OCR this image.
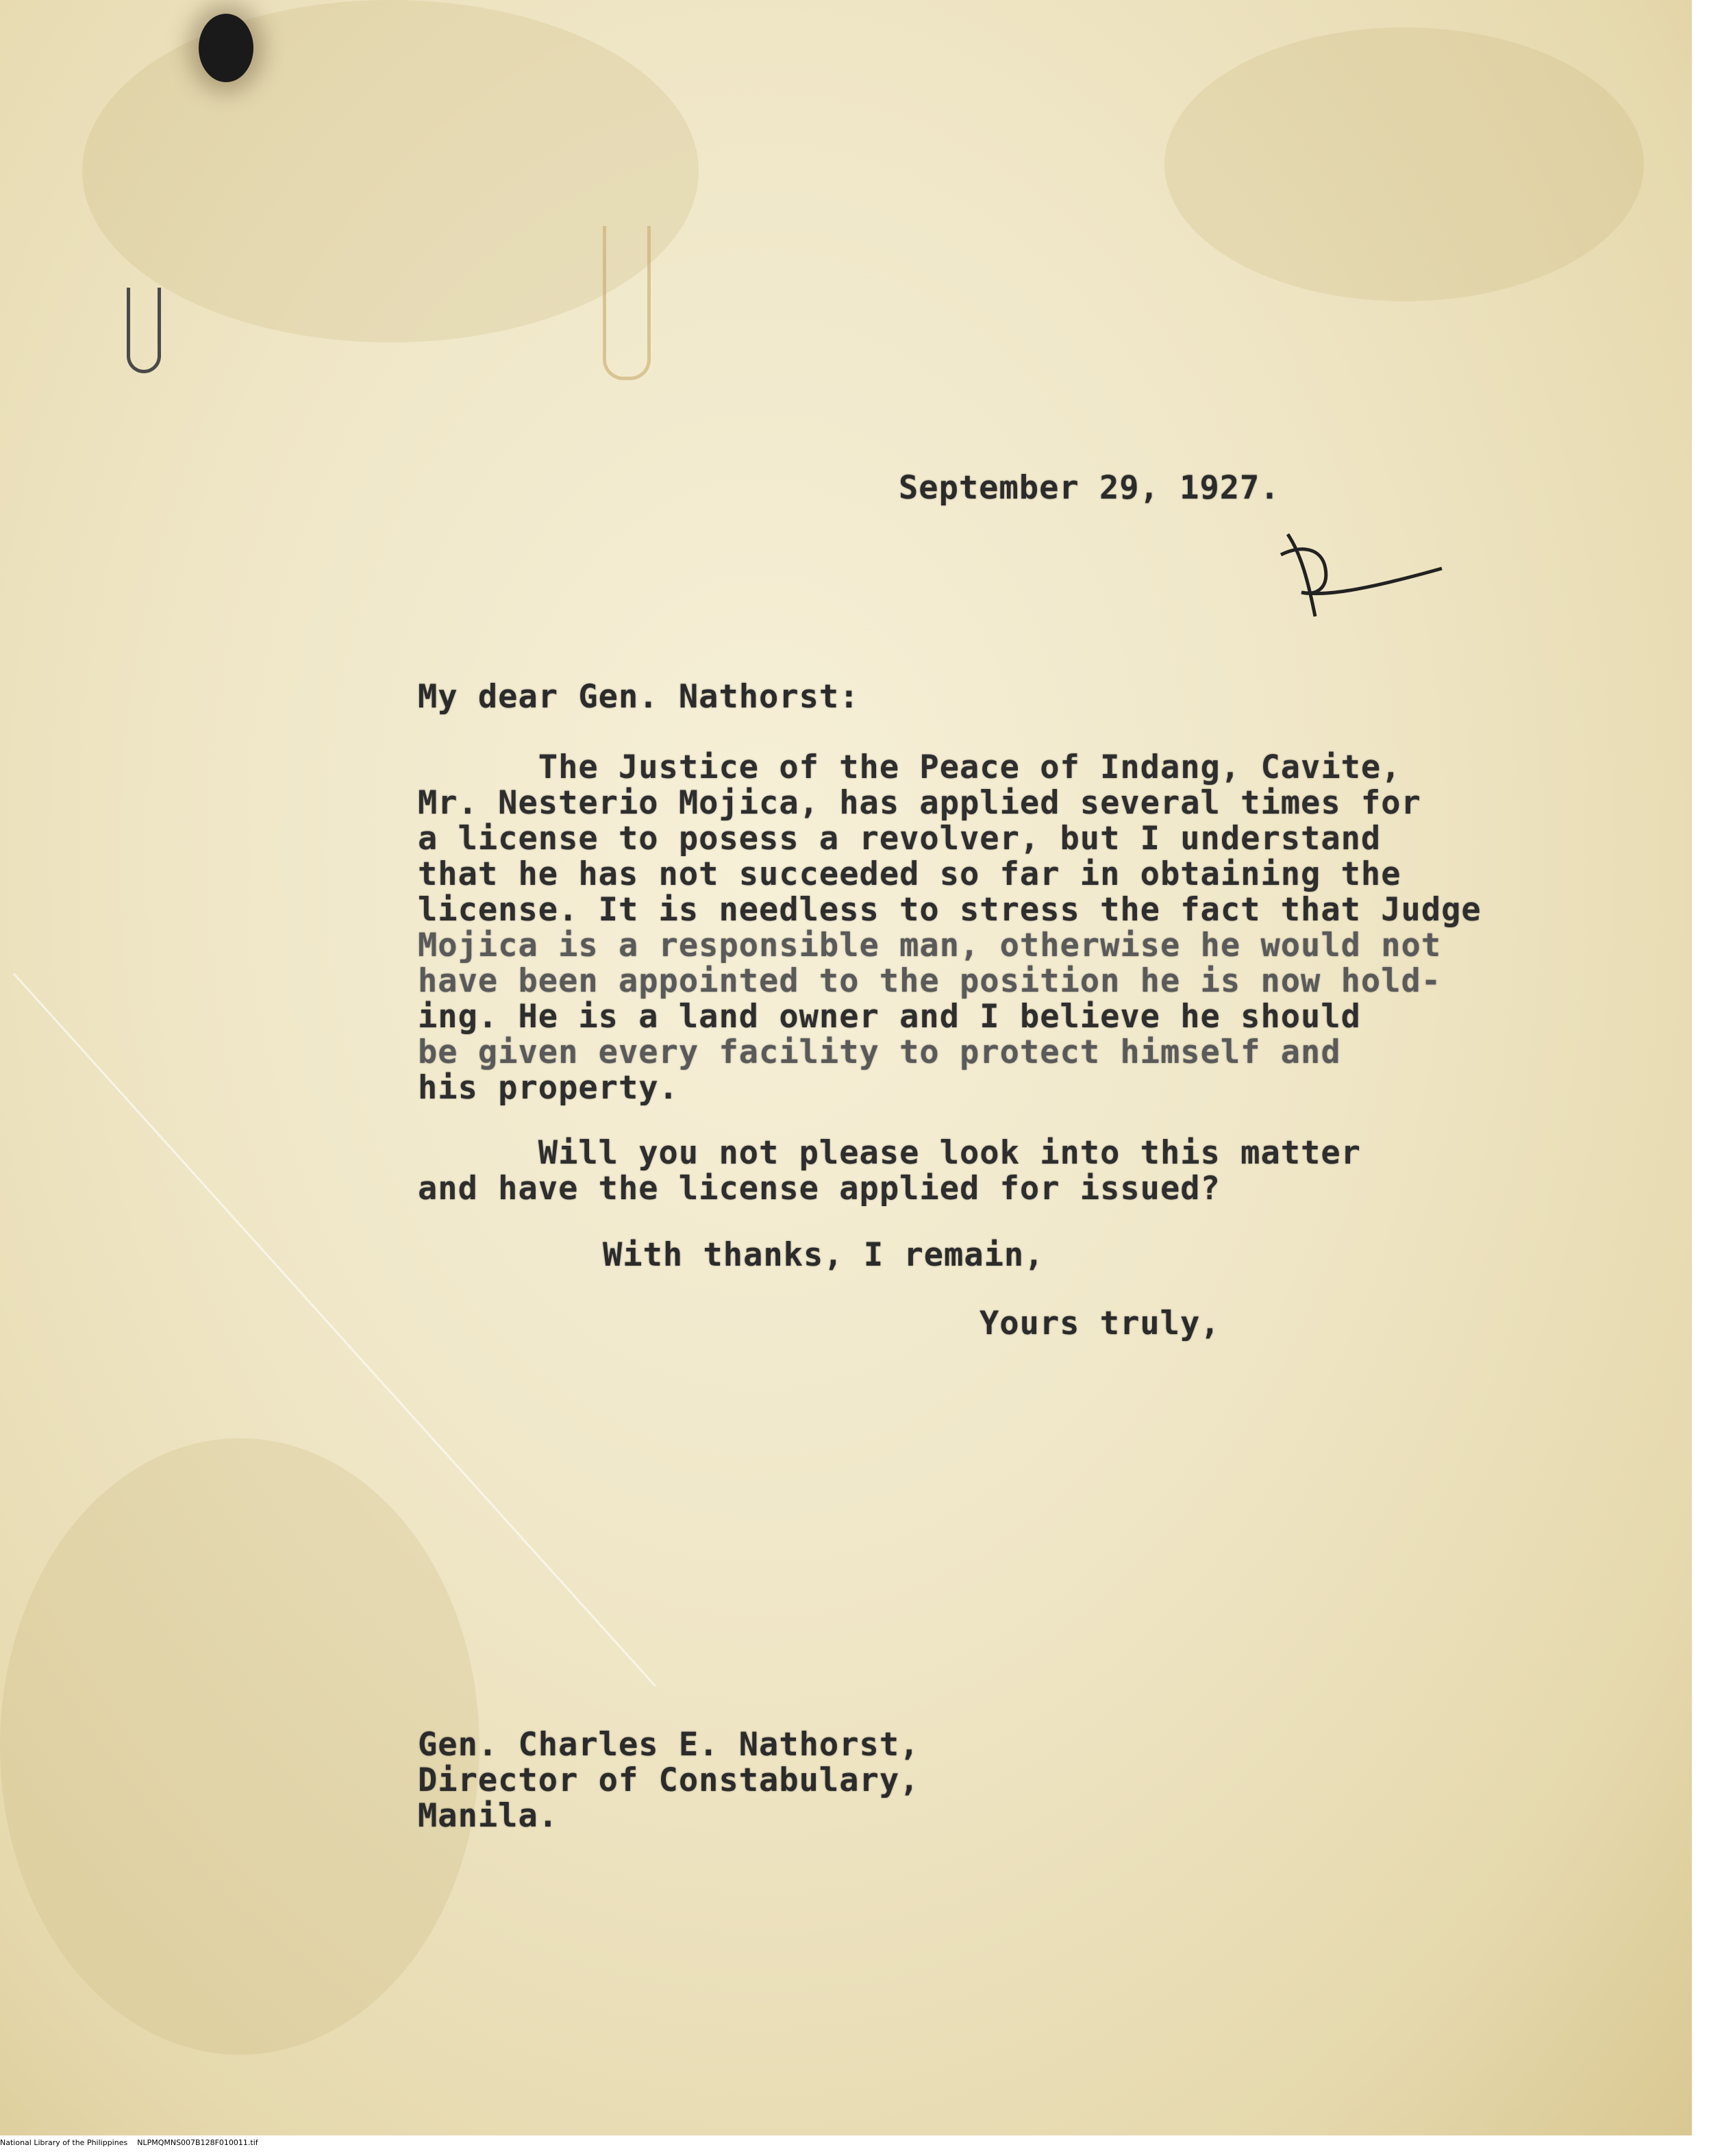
September 29, 1927.
My dear Gen. Nathorst:
The Justice of the Peace of Indang, Cavite,
Mr. Nesterio Mojica, has applied several times for
a license to posess a revolver, but I understand
that he has not succeeded so far in obtaining the
license. It is needless to stress the fact that Judge
Mojica is a responsible man, otherwise he would not
have been appointed to the position he is now hold-
ing. He is a land owner and I believe he should
be given every facility to protect himself and
his property.
Will you not please look into this matter
and have the license applied for issued?
With thanks, I remain,
Yours truly,
Gen. Charles E. Nathorst,
Director of Constabulary,
Manila.
National Library of the Philippines NLPMQMNS007B128F010011.tif
